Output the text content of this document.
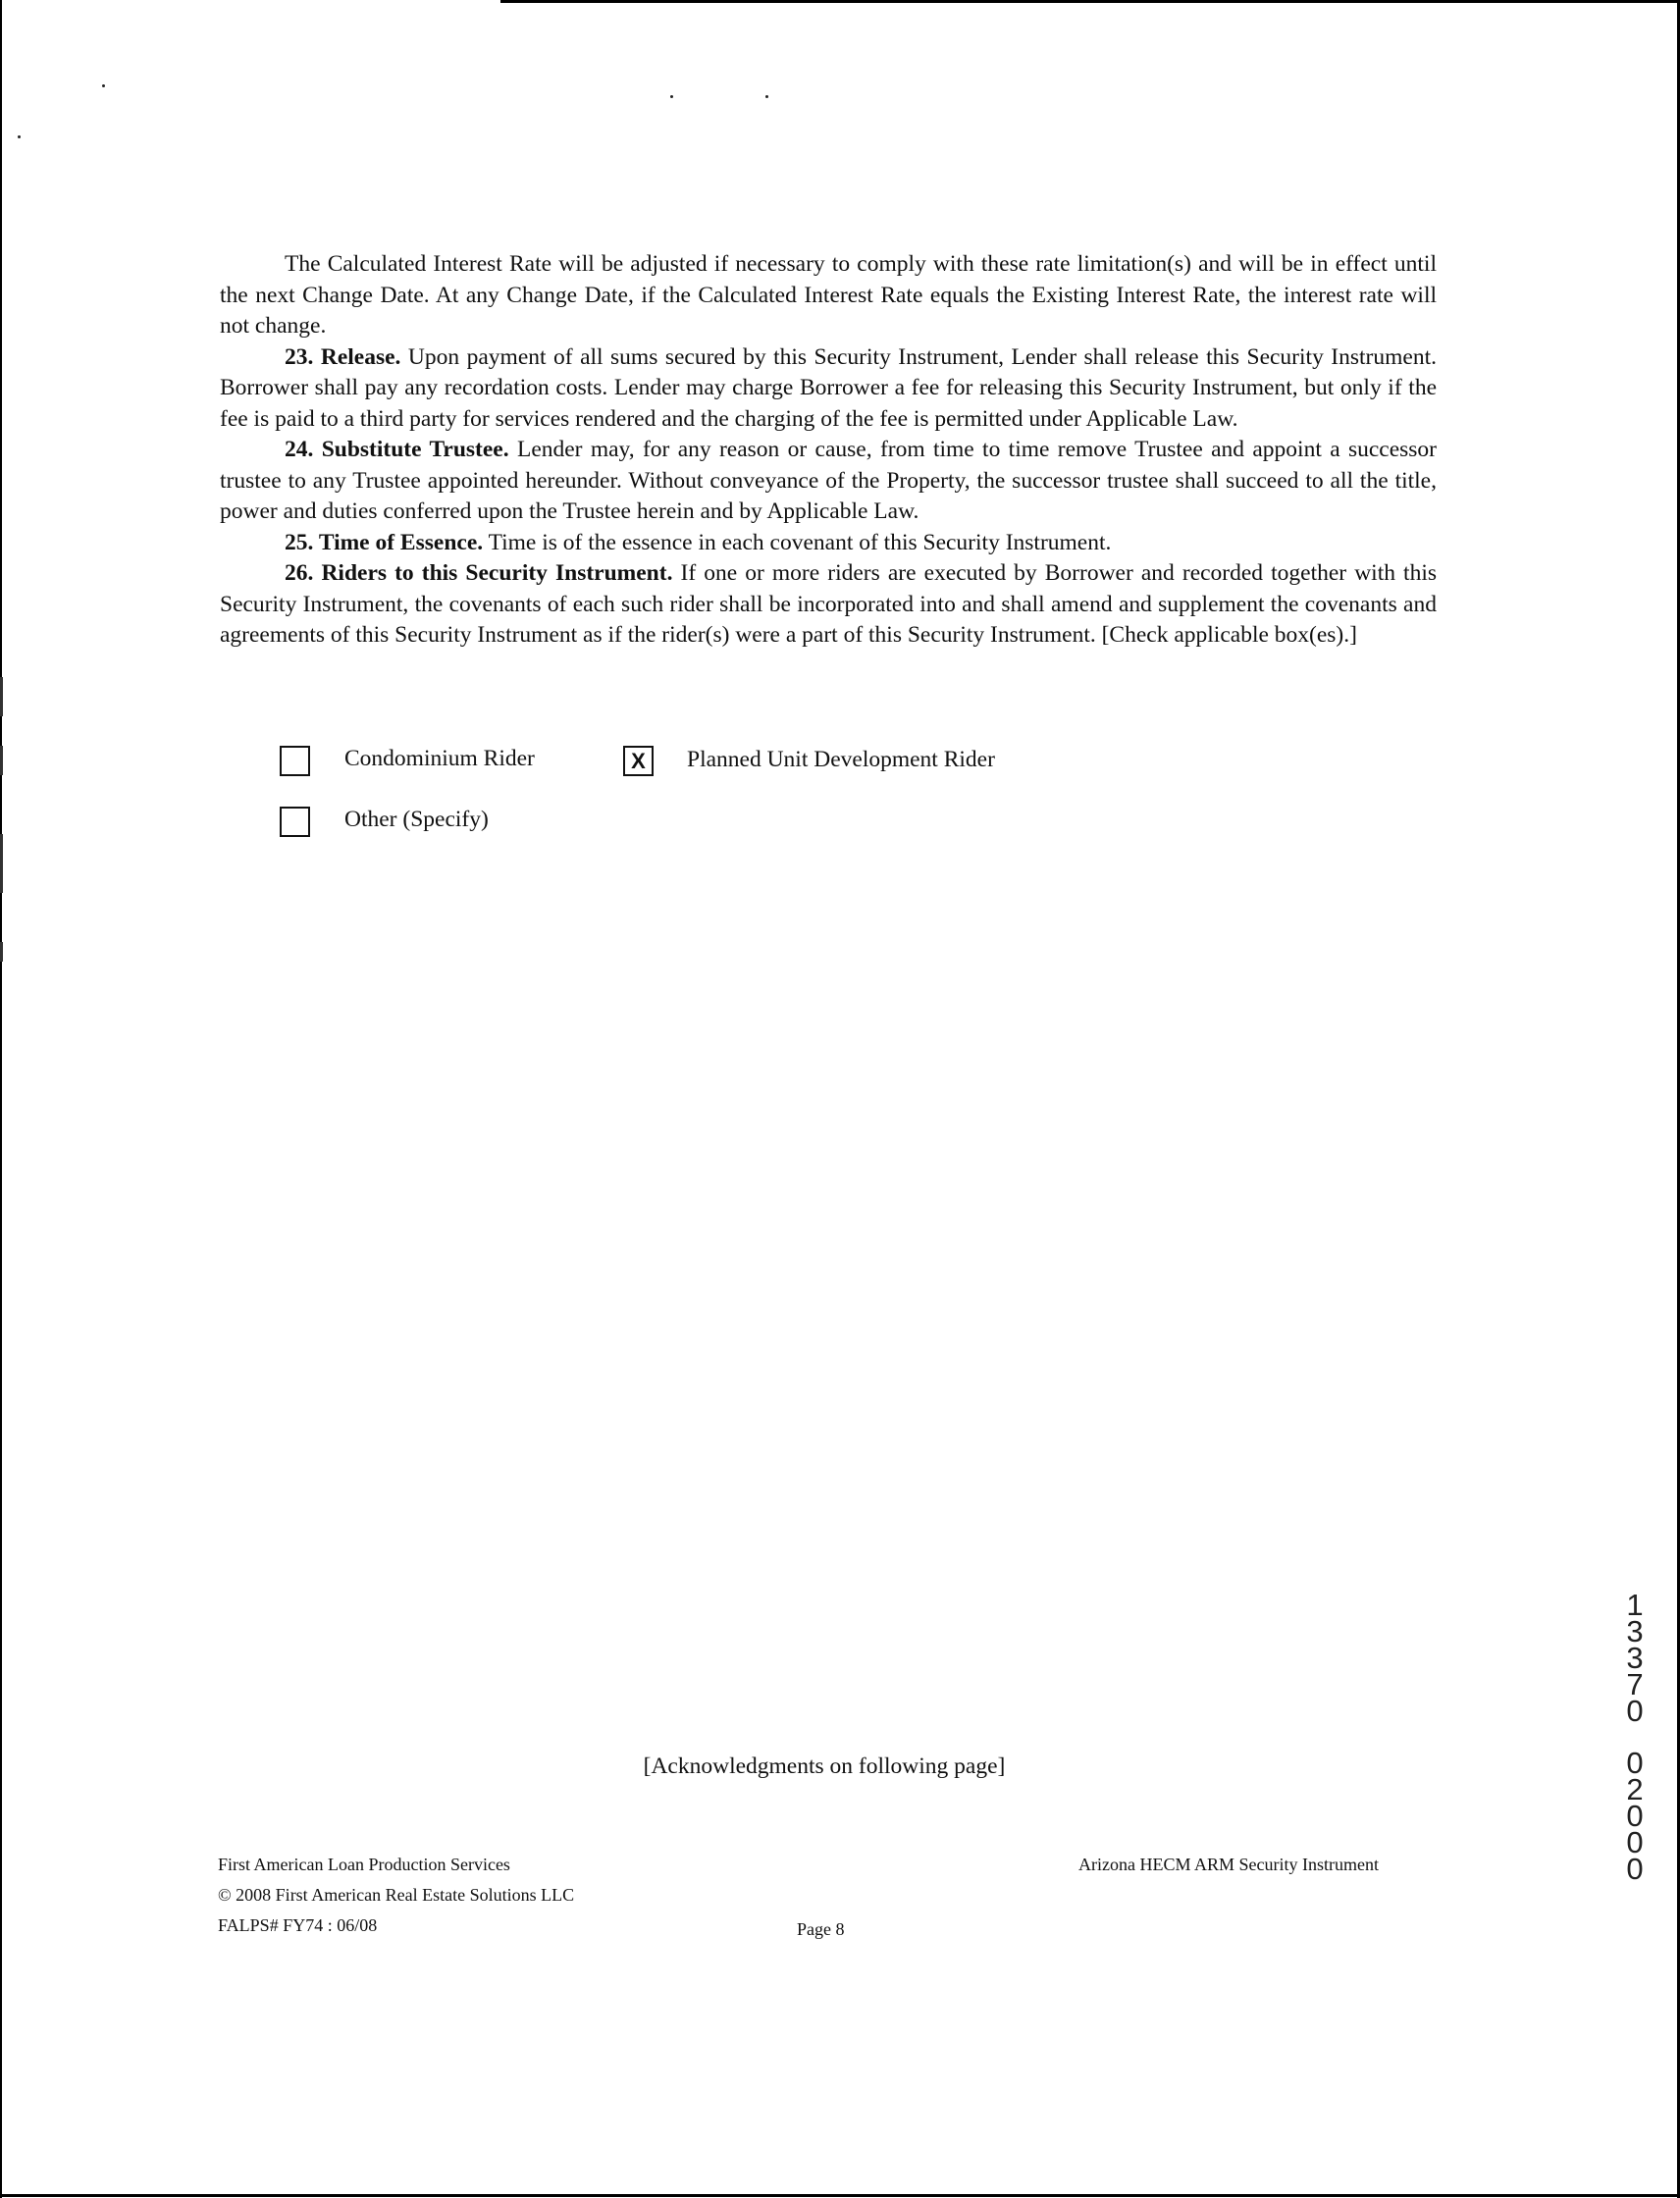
The Calculated Interest Rate will be adjusted if necessary to comply with these rate limitation(s) and will be in effect until the next Change Date. At any Change Date, if the Calculated Interest Rate equals the Existing Interest Rate, the interest rate will not change.

23. Release. Upon payment of all sums secured by this Security Instrument, Lender shall release this Security Instrument. Borrower shall pay any recordation costs. Lender may charge Borrower a fee for releasing this Security Instrument, but only if the fee is paid to a third party for services rendered and the charging of the fee is permitted under Applicable Law.

24. Substitute Trustee. Lender may, for any reason or cause, from time to time remove Trustee and appoint a successor trustee to any Trustee appointed hereunder. Without conveyance of the Property, the successor trustee shall succeed to all the title, power and duties conferred upon the Trustee herein and by Applicable Law.

25. Time of Essence. Time is of the essence in each covenant of this Security Instrument.

26. Riders to this Security Instrument. If one or more riders are executed by Borrower and recorded together with this Security Instrument, the covenants of each such rider shall be incorporated into and shall amend and supplement the covenants and agreements of this Security Instrument as if the rider(s) were a part of this Security Instrument. [Check applicable box(es).]

Condominium Rider	X	Planned Unit Development Rider
Other (Specify)
[Acknowledgments on following page]
First American Loan Production Services
© 2008 First American Real Estate Solutions LLC
FALPS# FY74 : 06/08	Page 8
Arizona HECM ARM Security Instrument
1
3
3
7
0
0
2
0
0
0
